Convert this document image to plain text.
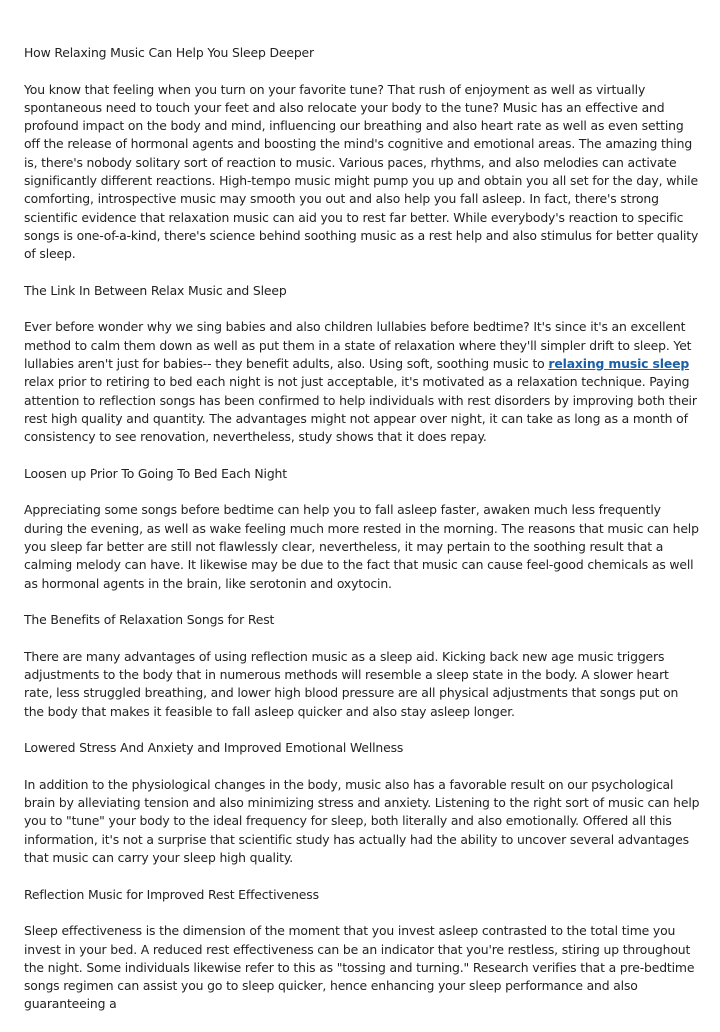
How Relaxing Music Can Help You Sleep Deeper

You know that feeling when you turn on your favorite tune? That rush of enjoyment as well as virtually spontaneous need to touch your feet and also relocate your body to the tune? Music has an effective and profound impact on the body and mind, influencing our breathing and also heart rate as well as even setting off the release of hormonal agents and boosting the mind's cognitive and emotional areas. The amazing thing is, there's nobody solitary sort of reaction to music. Various paces, rhythms, and also melodies can activate significantly different reactions. High-tempo music might pump you up and obtain you all set for the day, while comforting, introspective music may smooth you out and also help you fall asleep. In fact, there's strong scientific evidence that relaxation music can aid you to rest far better. While everybody's reaction to specific songs is one-of-a-kind, there's science behind soothing music as a rest help and also stimulus for better quality of sleep.

The Link In Between Relax Music and Sleep

Ever before wonder why we sing babies and also children lullabies before bedtime? It's since it's an excellent method to calm them down as well as put them in a state of relaxation where they'll simpler drift to sleep. Yet lullabies aren't just for babies-- they benefit adults, also. Using soft, soothing music to relaxing music sleep relax prior to retiring to bed each night is not just acceptable, it's motivated as a relaxation technique. Paying attention to reflection songs has been confirmed to help individuals with rest disorders by improving both their rest high quality and quantity. The advantages might not appear over night, it can take as long as a month of consistency to see renovation, nevertheless, study shows that it does repay.

Loosen up Prior To Going To Bed Each Night

Appreciating some songs before bedtime can help you to fall asleep faster, awaken much less frequently during the evening, as well as wake feeling much more rested in the morning. The reasons that music can help you sleep far better are still not flawlessly clear, nevertheless, it may pertain to the soothing result that a calming melody can have. It likewise may be due to the fact that music can cause feel-good chemicals as well as hormonal agents in the brain, like serotonin and oxytocin.

The Benefits of Relaxation Songs for Rest

There are many advantages of using reflection music as a sleep aid. Kicking back new age music triggers adjustments to the body that in numerous methods will resemble a sleep state in the body. A slower heart rate, less struggled breathing, and lower high blood pressure are all physical adjustments that songs put on the body that makes it feasible to fall asleep quicker and also stay asleep longer.

Lowered Stress And Anxiety and Improved Emotional Wellness

In addition to the physiological changes in the body, music also has a favorable result on our psychological brain by alleviating tension and also minimizing stress and anxiety. Listening to the right sort of music can help you to "tune" your body to the ideal frequency for sleep, both literally and also emotionally. Offered all this information, it's not a surprise that scientific study has actually had the ability to uncover several advantages that music can carry your sleep high quality.

Reflection Music for Improved Rest Effectiveness

Sleep effectiveness is the dimension of the moment that you invest asleep contrasted to the total time you invest in your bed. A reduced rest effectiveness can be an indicator that you're restless, stiring up throughout the night. Some individuals likewise refer to this as "tossing and turning." Research verifies that a pre-bedtime songs regimen can assist you go to sleep quicker, hence enhancing your sleep performance and also guaranteeing a
